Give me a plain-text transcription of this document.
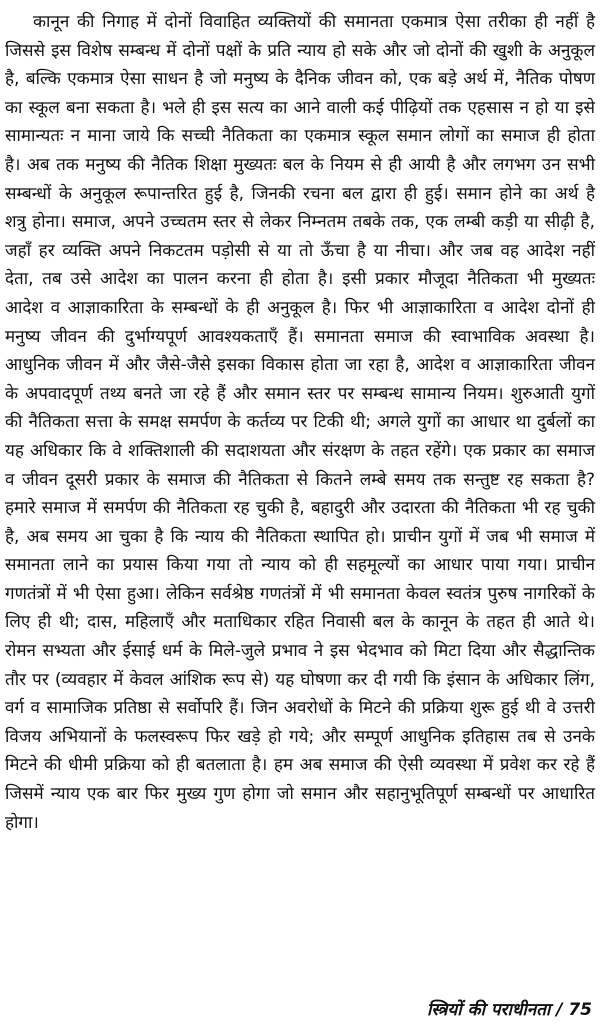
कानून की निगाह में दोनों विवाहित व्यक्तियों की समानता एकमात्र ऐसा तरीका ही नहीं है जिससे इस विशेष सम्बन्ध में दोनों पक्षों के प्रति न्याय हो सके और जो दोनों की खुशी के अनुकूल है, बल्कि एकमात्र ऐसा साधन है जो मनुष्य के दैनिक जीवन को, एक बड़े अर्थ में, नैतिक पोषण का स्कूल बना सकता है। भले ही इस सत्य का आने वाली कई पीढ़ियों तक एहसास न हो या इसे सामान्यतः न माना जाये कि सच्ची नैतिकता का एकमात्र स्कूल समान लोगों का समाज ही होता है। अब तक मनुष्य की नैतिक शिक्षा मुख्यतः बल के नियम से ही आयी है और लगभग उन सभी सम्बन्धों के अनुकूल रूपान्तरित हुई है, जिनकी रचना बल द्वारा ही हुई। समान होने का अर्थ है शत्रु होना। समाज, अपने उच्चतम स्तर से लेकर निम्नतम तबके तक, एक लम्बी कड़ी या सीढ़ी है, जहाँ हर व्यक्ति अपने निकटतम पड़ोसी से या तो ऊँचा है या नीचा। और जब वह आदेश नहीं देता, तब उसे आदेश का पालन करना ही होता है। इसी प्रकार मौजूदा नैतिकता भी मुख्यतः आदेश व आज्ञाकारिता के सम्बन्धों के ही अनुकूल है। फिर भी आज्ञाकारिता व आदेश दोनों ही मनुष्य जीवन की दुर्भाग्यपूर्ण आवश्यकताएँ हैं। समानता समाज की स्वाभाविक अवस्था है। आधुनिक जीवन में और जैसे-जैसे इसका विकास होता जा रहा है, आदेश व आज्ञाकारिता जीवन के अपवादपूर्ण तथ्य बनते जा रहे हैं और समान स्तर पर सम्बन्ध सामान्य नियम। शुरुआती युगों की नैतिकता सत्ता के समक्ष समर्पण के कर्तव्य पर टिकी थी; अगले युगों का आधार था दुर्बलों का यह अधिकार कि वे शक्तिशाली की सदाशयता और संरक्षण के तहत रहेंगे। एक प्रकार का समाज व जीवन दूसरी प्रकार के समाज की नैतिकता से कितने लम्बे समय तक सन्तुष्ट रह सकता है? हमारे समाज में समर्पण की नैतिकता रह चुकी है, बहादुरी और उदारता की नैतिकता भी रह चुकी है, अब समय आ चुका है कि न्याय की नैतिकता स्थापित हो। प्राचीन युगों में जब भी समाज में समानता लाने का प्रयास किया गया तो न्याय को ही सहमूल्यों का आधार पाया गया। प्राचीन गणतंत्रों में भी ऐसा हुआ। लेकिन सर्वश्रेष्ठ गणतंत्रों में भी समानता केवल स्वतंत्र पुरुष नागरिकों के लिए ही थी; दास, महिलाएँ और मताधिकार रहित निवासी बल के कानून के तहत ही आते थे। रोमन सभ्यता और ईसाई धर्म के मिले-जुले प्रभाव ने इस भेदभाव को मिटा दिया और सैद्धान्तिक तौर पर (व्यवहार में केवल आंशिक रूप से) यह घोषणा कर दी गयी कि इंसान के अधिकार लिंग, वर्ग व सामाजिक प्रतिष्ठा से सर्वोपरि हैं। जिन अवरोधों के मिटने की प्रक्रिया शुरू हुई थी वे उत्तरी विजय अभियानों के फलस्वरूप फिर खड़े हो गये; और सम्पूर्ण आधुनिक इतिहास तब से उनके मिटने की धीमी प्रक्रिया को ही बतलाता है। हम अब समाज की ऐसी व्यवस्था में प्रवेश कर रहे हैं जिसमें न्याय एक बार फिर मुख्य गुण होगा जो समान और सहानुभूतिपूर्ण सम्बन्धों पर आधारित होगा।

स्त्रियों की पराधीनता / 75
